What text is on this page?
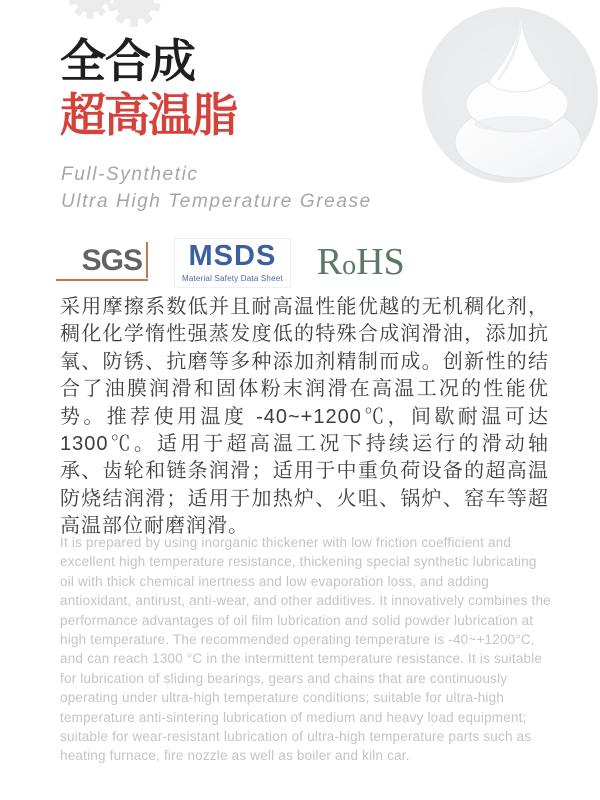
全合成
超高温脂
Full-Synthetic
Ultra High Temperature Grease
SGS MSDS
Material Safety Data Sheet RoHS

采用摩擦系数低并且耐高温性能优越的无机稠化剂，稠化化学惰性强蒸发度低的特殊合成润滑油，添加抗氧、防锈、抗磨等多种添加剂精制而成。创新性的结合了油膜润滑和固体粉末润滑在高温工况的性能优势。推荐使用温度 -40~+1200℃，间歇耐温可达 1300℃。适用于超高温工况下持续运行的滑动轴承、齿轮和链条润滑；适用于中重负荷设备的超高温防烧结润滑；适用于加热炉、火咀、锅炉、窑车等超高温部位耐磨润滑。

It is prepared by using inorganic thickener with low friction coefficient and excellent high temperature resistance, thickening special synthetic lubricating oil with thick chemical inertness and low evaporation loss, and adding antioxidant, antirust, anti-wear, and other additives. It innovatively combines the performance advantages of oil film lubrication and solid powder lubrication at high temperature. The recommended operating temperature is -40~+1200°C, and can reach 1300 °C in the intermittent temperature resistance. It is suitable for lubrication of sliding bearings, gears and chains that are continuously operating under ultra-high temperature conditions; suitable for ultra-high temperature anti-sintering lubrication of medium and heavy load equipment; suitable for wear-resistant lubrication of ultra-high temperature parts such as heating furnace, fire nozzle as well as boiler and kiln car.
